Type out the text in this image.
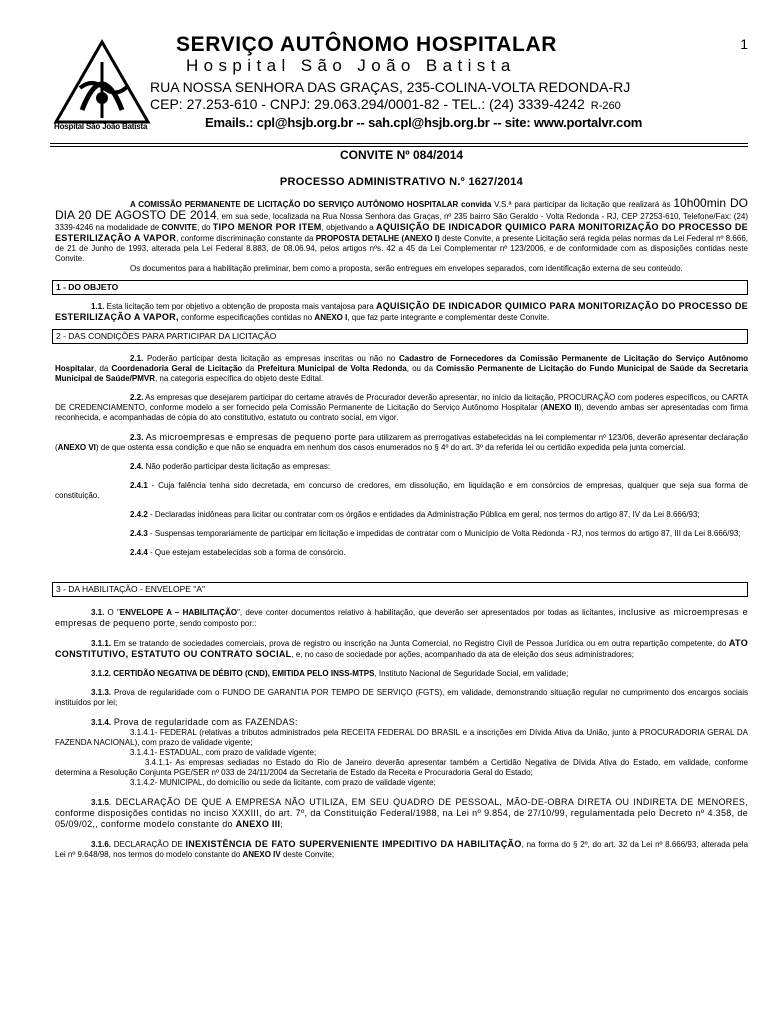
Hospital São João Batista
1
SERVIÇO AUTÔNOMO HOSPITALAR
Hospital São João Batista
RUA NOSSA SENHORA DAS GRAÇAS, 235-COLINA-VOLTA REDONDA-RJ
CEP: 27.253-610 - CNPJ: 29.063.294/0001-82 - TEL.: (24) 3339-4242 R-260
Emails.: cpl@hsjb.org.br -- sah.cpl@hsjb.org.br -- site: www.portalvr.com

CONVITE Nº 084/2014

PROCESSO ADMINISTRATIVO N.º 1627/2014

A COMISSÃO PERMANENTE DE LICITAÇÃO DO SERVIÇO AUTÔNOMO HOSPITALAR convida V.S.ª para participar da licitação que realizará às 10h00min DO DIA 20 DE AGOSTO DE 2014, em sua sede, localizada na Rua Nossa Senhora das Graças, nº 235 bairro São Geraldo - Volta Redonda - RJ, CEP 27253-610, Telefone/Fax: (24) 3339-4246 na modalidade de CONVITE, do TIPO MENOR POR ITEM, objetivando a AQUISIÇÃO DE INDICADOR QUIMICO PARA MONITORIZAÇÃO DO PROCESSO DE ESTERILIZAÇÃO A VAPOR, conforme discriminação constante da PROPOSTA DETALHE (ANEXO I) deste Convite, a presente Licitação será regida pelas normas da Lei Federal nº 8.666, de 21 de Junho de 1993, alterada pela Lei Federal 8.883, de 08.06.94, pelos artigos nºs. 42 a 45 da Lei Complementar nº 123/2006, e de conformidade com as disposições contidas neste Convite.

Os documentos para a habilitação preliminar, bem como a proposta, serão entregues em envelopes separados, com identificação externa de seu conteúdo.

1 - DO OBJETO

1.1. Esta licitação tem por objetivo a obtenção de proposta mais vantajosa para AQUISIÇÃO DE INDICADOR QUIMICO PARA MONITORIZAÇÃO DO PROCESSO DE ESTERILIZAÇÃO A VAPOR, conforme especificações contidas no ANEXO I, que faz parte integrante e complementar deste Convite.

2 - DAS CONDIÇÕES PARA PARTICIPAR DA LICITAÇÃO

2.1. Poderão participar desta licitação as empresas inscritas ou não no Cadastro de Fornecedores da Comissão Permanente de Licitação do Serviço Autônomo Hospitalar, da Coordenadoria Geral de Licitação da Prefeitura Municipal de Volta Redonda, ou da Comissão Permanente de Licitação do Fundo Municipal de Saúde da Secretaria Municipal de Saúde/PMVR, na categoria específica do objeto deste Edital.

2.2. As empresas que desejarem participar do certame através de Procurador deverão apresentar, no início da licitação, PROCURAÇÃO com poderes específicos, ou CARTA DE CREDENCIAMENTO, conforme modelo a ser fornecido pela Comissão Permanente de Licitação do Serviço Autônomo Hospitalar (ANEXO II), devendo ambas ser apresentadas com firma reconhecida, e acompanhadas de cópia do ato constitutivo, estatuto ou contrato social, em vigor.

2.3. As microempresas e empresas de pequeno porte para utilizarem as prerrogativas estabelecidas na lei complementar nº 123/06, deverão apresentar declaração (ANEXO VI) de que ostenta essa condição e que não se enquadra em nenhum dos casos enumerados no § 4º do art. 3º da referida lei ou certidão expedida pela junta comercial.

2.4. Não poderão participar desta licitação as empresas:

2.4.1 - Cuja falência tenha sido decretada, em concurso de credores, em dissolução, em liquidação e em consórcios de empresas, qualquer que seja sua forma de constituição.

2.4.2 - Declaradas inidôneas para licitar ou contratar com os órgãos e entidades da Administração Pública em geral, nos termos do artigo 87, IV da Lei 8.666/93;

2.4.3 - Suspensas temporariamente de participar em licitação e impedidas de contratar com o Município de Volta Redonda - RJ, nos termos do artigo 87, III da Lei 8.666/93;

2.4.4 - Que estejam estabelecidas sob a forma de consórcio.

3 - DA HABILITAÇÃO - ENVELOPE "A"

3.1. O "ENVELOPE A – HABILITAÇÃO", deve conter documentos relativo à habilitação, que deverão ser apresentados por todas as licitantes, inclusive as microempresas e empresas de pequeno porte, sendo composto por::

3.1.1. Em se tratando de sociedades comerciais, prova de registro ou inscrição na Junta Comercial, no Registro Civil de Pessoa Jurídica ou em outra repartição competente, do ATO CONSTITUTIVO, ESTATUTO OU CONTRATO SOCIAL, e, no caso de sociedade por ações, acompanhado da ata de eleição dos seus administradores;

3.1.2. CERTIDÃO NEGATIVA DE DÉBITO (CND), EMITIDA PELO INSS-MTPS, Instituto Nacional de Seguridade Social, em validade;

3.1.3. Prova de regularidade com o FUNDO DE GARANTIA POR TEMPO DE SERVIÇO (FGTS), em validade, demonstrando situação regular no cumprimento dos encargos sociais instituídos por lei;

3.1.4. Prova de regularidade com as FAZENDAS:

3.1.4.1- FEDERAL (relativas a tributos administrados pela RECEITA FEDERAL DO BRASIL e a inscrições em Dívida Ativa da União, junto à PROCURADORIA GERAL DA FAZENDA NACIONAL), com prazo de validade vigente;

3.1.4.1- ESTADUAL, com prazo de validade vigente;

3.4.1.1- As empresas sediadas no Estado do Rio de Janeiro deverão apresentar também a Certidão Negativa de Dívida Ativa do Estado, em validade, conforme determina a Resolução Conjunta PGE/SER nº 033 de 24/11/2004 da Secretaria de Estado da Receita e Procuradoria Geral do Estado;

3.1.4.2- MUNICIPAL, do domicílio ou sede da licitante, com prazo de validade vigente;

3.1.5. DECLARAÇÃO DE QUE A EMPRESA NÃO UTILIZA, EM SEU QUADRO DE PESSOAL, MÃO-DE-OBRA DIRETA OU INDIRETA DE MENORES, conforme disposições contidas no inciso XXXIII, do art. 7º, da Constituição Federal/1988, na Lei nº 9.854, de 27/10/99, regulamentada pelo Decreto nº 4.358, de 05/09/02,, conforme modelo constante do ANEXO III;

3.1.6. DECLARAÇÃO DE INEXISTÊNCIA DE FATO SUPERVENIENTE IMPEDITIVO DA HABILITAÇÃO, na forma do § 2º, do art. 32 da Lei nº 8.666/93, alterada pela Lei nº 9.648/98, nos termos do modelo constante do ANEXO IV deste Convite;
